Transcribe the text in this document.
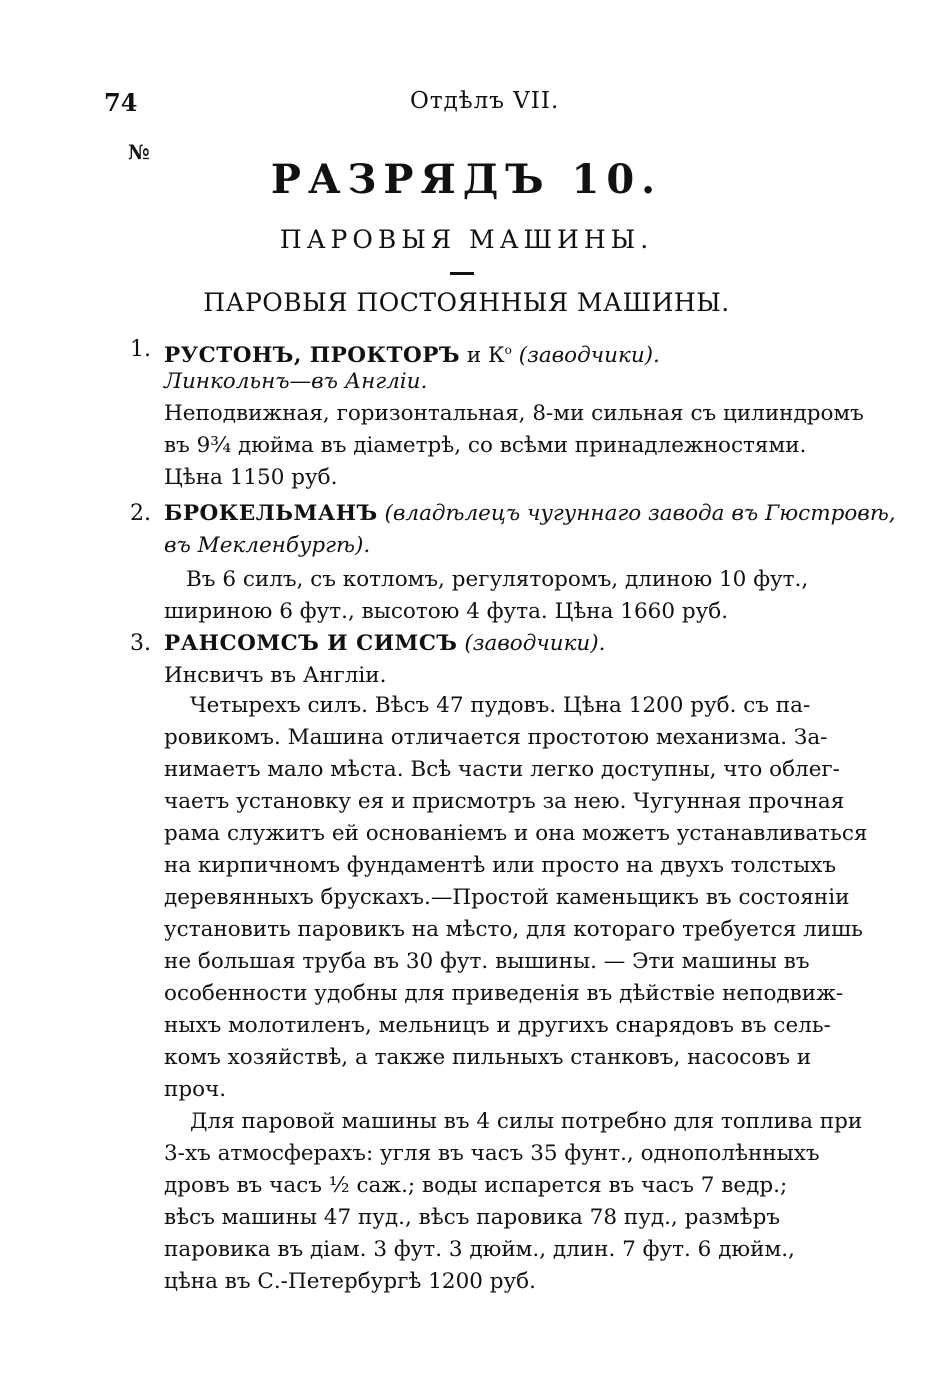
74	Отдѣлъ VII.
№
РАЗРЯДЪ 10.
ПАРОВЫЯ МАШИНЫ.
ПАРОВЫЯ ПОСТОЯННЫЯ МАШИНЫ.
1. РУСТОНЪ, ПРОКТОРЪ и $К^о$ (заводчики).
Линкольнъ—въ Англіи.
Неподвижная, горизонтальная, 8-ми сильная съ цилиндромъ
въ 9¾ дюйма въ діаметрѣ, со всѣми принадлежностями.
Цѣна 1150 руб.
2. БРОКЕЛЬМАНЪ (владѣлецъ чугуннаго завода въ Гюстровѣ,
въ Мекленбургѣ).
Въ 6 силъ, съ котломъ, регуляторомъ, длиною 10 фут.,
шириною 6 фут., высотою 4 фута. Цѣна 1660 руб.
3. РАНСОМСЪ И СИМСЪ (заводчики).
Инсвичъ въ Англіи.
Четырехъ силъ. Вѣсъ 47 пудовъ. Цѣна 1200 руб. съ па-
ровикомъ. Машина отличается простотою механизма. За-
нимаетъ мало мѣста. Всѣ части легко доступны, что облег-
чаетъ установку ея и присмотръ за нею. Чугунная прочная
рама служитъ ей основаніемъ и она можетъ устанавливаться
на кирпичномъ фундаментѣ или просто на двухъ толстыхъ
деревянныхъ брускахъ.—Простой каменьщикъ въ состояніи
установить паровикъ на мѣсто, для котораго требуется лишь
не большая труба въ 30 фут. вышины. — Эти машины въ
особенности удобны для приведенія въ дѣйствіе неподвиж-
ныхъ молотиленъ, мельницъ и другихъ снарядовъ въ сель-
комъ хозяйствѣ, а также пильныхъ станковъ, насосовъ и
проч.
Для паровой машины въ 4 силы потребно для топлива при
3-хъ атмосферахъ: угля въ часъ 35 фунт., однополѣнныхъ
дровъ въ часъ ½ саж.; воды испарется въ часъ 7 ведр.;
вѣсъ машины 47 пуд., вѣсъ паровика 78 пуд., размѣръ
паровика въ діам. 3 фут. 3 дюйм., длин. 7 фут. 6 дюйм.,
цѣна въ С.-Петербургѣ 1200 руб.
